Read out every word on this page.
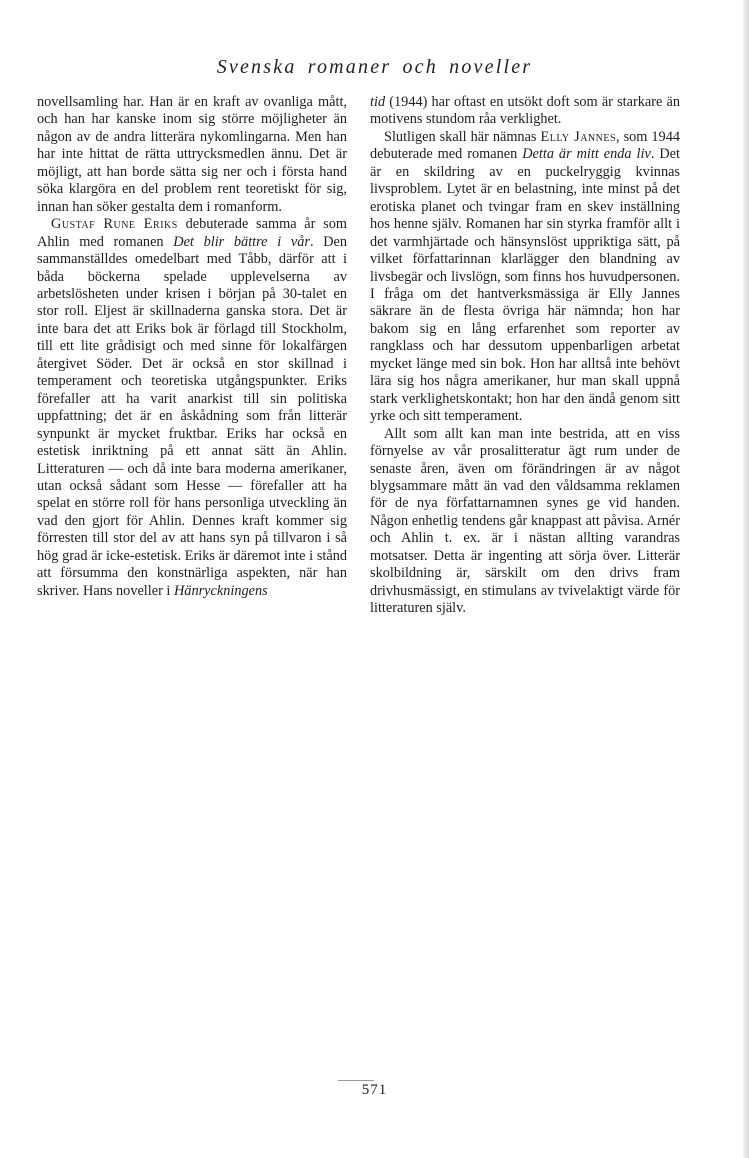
Svenska romaner och noveller

novellsamling har. Han är en kraft av ovanliga mått, och han har kanske inom sig större möjligheter än någon av de andra litterära nykomlingarna. Men han har inte hittat de rätta uttrycksmedlen ännu. Det är möjligt, att han borde sätta sig ner och i första hand söka klargöra en del problem rent teoretiskt för sig, innan han söker gestalta dem i romanform.

Gustaf Rune Eriks debuterade samma år som Ahlin med romanen Det blir bättre i vår. Den sammanställdes omedelbart med Tåbb, därför att i båda böckerna spelade upplevelserna av arbetslösheten under krisen i början på 30-talet en stor roll. Eljest är skillnaderna ganska stora. Det är inte bara det att Eriks bok är förlagd till Stockholm, till ett lite grådisigt och med sinne för lokalfärgen återgivet Söder. Det är också en stor skillnad i temperament och teoretiska utgångspunkter. Eriks förefaller att ha varit anarkist till sin politiska uppfattning; det är en åskådning som från litterär synpunkt är mycket fruktbar. Eriks har också en estetisk inriktning på ett annat sätt än Ahlin. Litteraturen — och då inte bara moderna amerikaner, utan också sådant som Hesse — förefaller att ha spelat en större roll för hans personliga utveckling än vad den gjort för Ahlin. Dennes kraft kommer sig förresten till stor del av att hans syn på tillvaron i så hög grad är icke-estetisk. Eriks är däremot inte i stånd att försumma den konstnärliga aspekten, när han skriver. Hans noveller i Hänryckningens

tid (1944) har oftast en utsökt doft som är starkare än motivens stundom råa verklighet.

Slutligen skall här nämnas Elly Jannes, som 1944 debuterade med romanen Detta är mitt enda liv. Det är en skildring av en puckelryggig kvinnas livsproblem. Lytet är en belastning, inte minst på det erotiska planet och tvingar fram en skev inställning hos henne själv. Romanen har sin styrka framför allt i det varmhjärtade och hänsynslöst uppriktiga sätt, på vilket författarinnan klarlägger den blandning av livsbegär och livslögn, som finns hos huvudpersonen. I fråga om det hantverksmässiga är Elly Jannes säkrare än de flesta övriga här nämnda; hon har bakom sig en lång erfarenhet som reporter av rangklass och har dessutom uppenbarligen arbetat mycket länge med sin bok. Hon har alltså inte behövt lära sig hos några amerikaner, hur man skall uppnå stark verklighetskontakt; hon har den ändå genom sitt yrke och sitt temperament.

Allt som allt kan man inte bestrida, att en viss förnyelse av vår prosalitteratur ägt rum under de senaste åren, även om förändringen är av något blygsammare mått än vad den våldsamma reklamen för de nya författarnamnen synes ge vid handen. Någon enhetlig tendens går knappast att påvisa. Arnér och Ahlin t. ex. är i nästan allting varandras motsatser. Detta är ingenting att sörja över. Litterär skolbildning är, särskilt om den drivs fram drivhusmässigt, en stimulans av tvivelaktigt värde för litteraturen själv.

571
